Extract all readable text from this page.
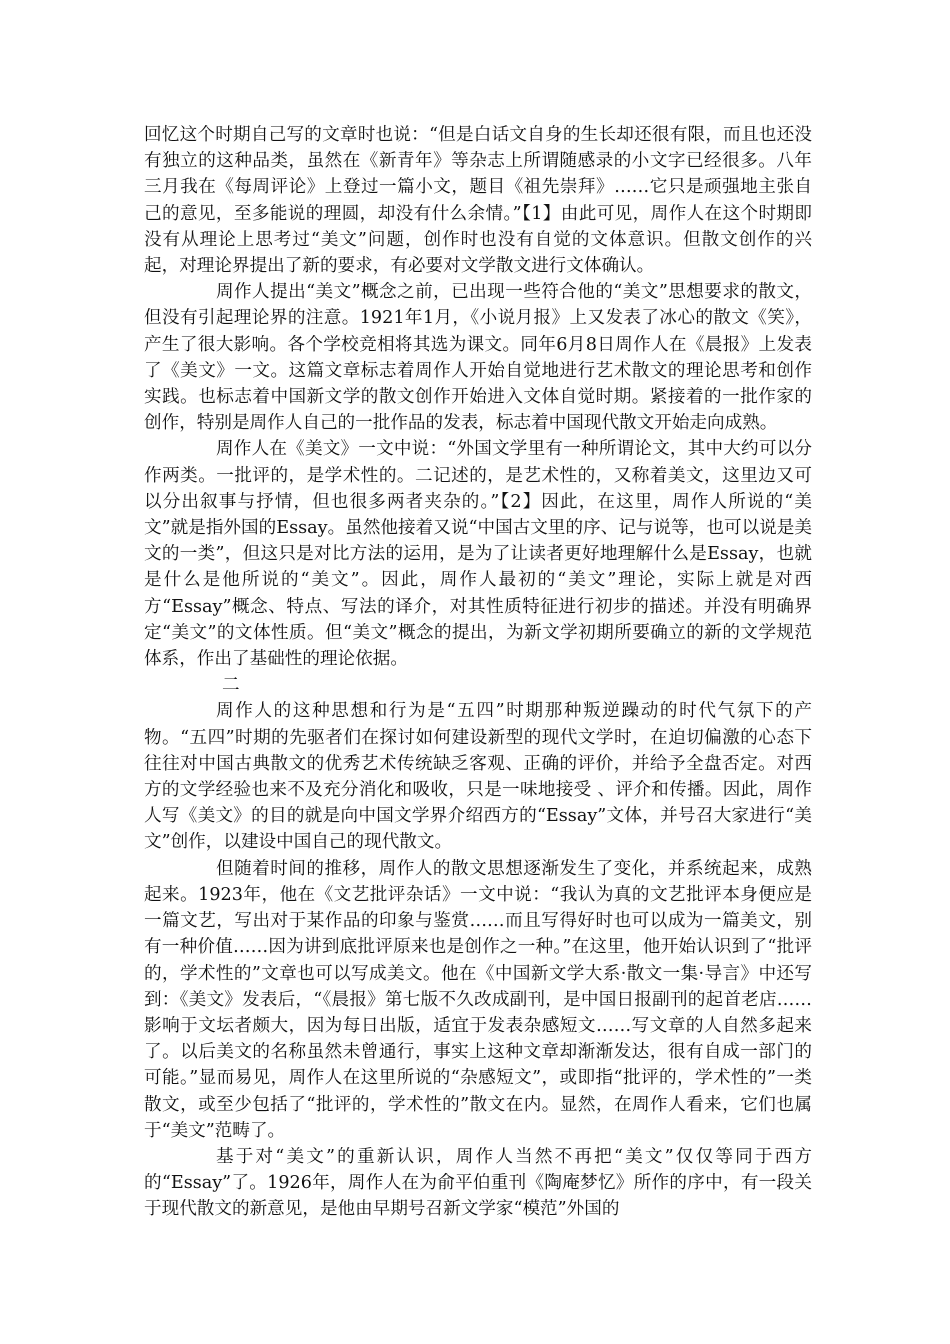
回忆这个时期自己写的文章时也说：“但是白话文自身的生长却还很有限，而且也还没有独立的这种品类，虽然在《新青年》等杂志上所谓随感录的小文字已经很多。八年三月我在《每周评论》上登过一篇小文，题目《祖先崇拜》……它只是顽强地主张自己的意见，至多能说的理圆，却没有什么余情。”【1】由此可见，周作人在这个时期即没有从理论上思考过“美文”问题，创作时也没有自觉的文体意识。但散文创作的兴起，对理论界提出了新的要求，有必要对文学散文进行文体确认。

周作人提出“美文”概念之前，已出现一些符合他的“美文”思想要求的散文，但没有引起理论界的注意。1921年1月，《小说月报》上又发表了冰心的散文《笑》，产生了很大影响。各个学校竞相将其选为课文。同年6月8日周作人在《晨报》上发表了《美文》一文。这篇文章标志着周作人开始自觉地进行艺术散文的理论思考和创作实践。也标志着中国新文学的散文创作开始进入文体自觉时期。紧接着的一批作家的创作，特别是周作人自己的一批作品的发表，标志着中国现代散文开始走向成熟。

周作人在《美文》一文中说：“外国文学里有一种所谓论文，其中大约可以分作两类。一批评的，是学术性的。二记述的，是艺术性的，又称着美文，这里边又可以分出叙事与抒情，但也很多两者夹杂的。”【2】因此，在这里，周作人所说的“美文”就是指外国的Essay。虽然他接着又说“中国古文里的序、记与说等，也可以说是美文的一类”，但这只是对比方法的运用，是为了让读者更好地理解什么是Essay，也就是什么是他所说的“美文”。因此，周作人最初的“美文”理论，实际上就是对西方“Essay”概念、特点、写法的译介，对其性质特征进行初步的描述。并没有明确界定“美文”的文体性质。但“美文”概念的提出，为新文学初期所要确立的新的文学规范体系，作出了基础性的理论依据。

二

周作人的这种思想和行为是“五四”时期那种叛逆躁动的时代气氛下的产物。“五四”时期的先驱者们在探讨如何建设新型的现代文学时，在迫切偏激的心态下往往对中国古典散文的优秀艺术传统缺乏客观、正确的评价，并给予全盘否定。对西方的文学经验也来不及充分消化和吸收，只是一味地接受 、评介和传播。因此，周作人写《美文》的目的就是向中国文学界介绍西方的“Essay”文体，并号召大家进行“美文”创作，以建设中国自己的现代散文。

但随着时间的推移，周作人的散文思想逐渐发生了变化，并系统起来，成熟起来。1923年，他在《文艺批评杂话》一文中说：“我认为真的文艺批评本身便应是一篇文艺，写出对于某作品的印象与鉴赏……而且写得好时也可以成为一篇美文，别有一种价值……因为讲到底批评原来也是创作之一种。”在这里，他开始认识到了“批评的，学术性的”文章也可以写成美文。他在《中国新文学大系·散文一集·导言》中还写到：《美文》发表后，“《晨报》第七版不久改成副刊，是中国日报副刊的起首老店……影响于文坛者颇大，因为每日出版，适宜于发表杂感短文……写文章的人自然多起来了。以后美文的名称虽然未曾通行，事实上这种文章却渐渐发达，很有自成一部门的可能。”显而易见，周作人在这里所说的“杂感短文”，或即指“批评的，学术性的”一类散文，或至少包括了“批评的，学术性的”散文在内。显然，在周作人看来，它们也属于“美文”范畴了。

基于对“美文”的重新认识，周作人当然不再把“美文”仅仅等同于西方的“Essay”了。1926年，周作人在为俞平伯重刊《陶庵梦忆》所作的序中，有一段关于现代散文的新意见，是他由早期号召新文学家“模范”外国的
